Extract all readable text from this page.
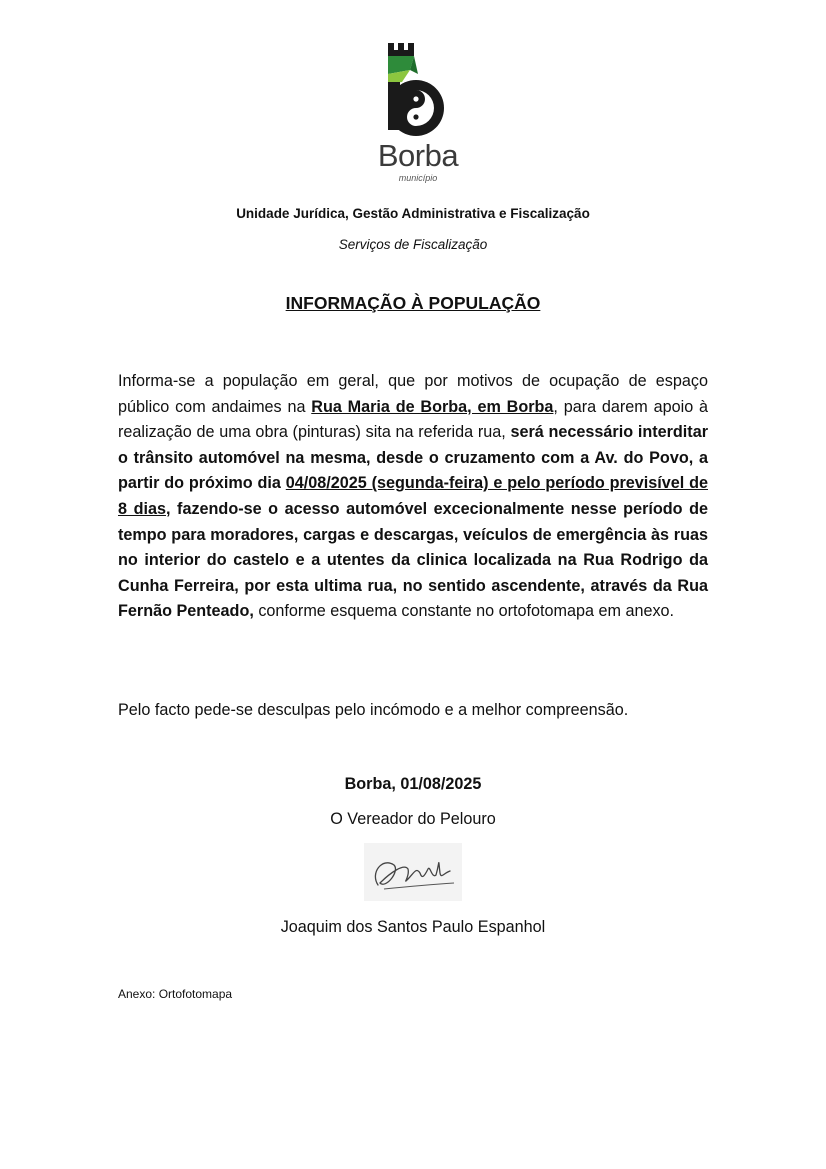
Borba
município
Unidade Jurídica, Gestão Administrativa e Fiscalização
Serviços de Fiscalização
INFORMAÇÃO À POPULAÇÃO
Informa-se a população em geral, que por motivos de ocupação de espaço público com andaimes na Rua Maria de Borba, em Borba, para darem apoio à realização de uma obra (pinturas) sita na referida rua, será necessário interditar o trânsito automóvel na mesma, desde o cruzamento com a Av. do Povo, a partir do próximo dia 04/08/2025 (segunda-feira) e pelo período previsível de 8 dias, fazendo-se o acesso automóvel excecionalmente nesse período de tempo para moradores, cargas e descargas, veículos de emergência às ruas no interior do castelo e a utentes da clinica localizada na Rua Rodrigo da Cunha Ferreira, por esta ultima rua, no sentido ascendente, através da Rua Fernão Penteado, conforme esquema constante no ortofotomapa em anexo.
Pelo facto pede-se desculpas pelo incómodo e a melhor compreensão.
Borba, 01/08/2025
O Vereador do Pelouro
Joaquim dos Santos Paulo Espanhol
Anexo: Ortofotomapa
